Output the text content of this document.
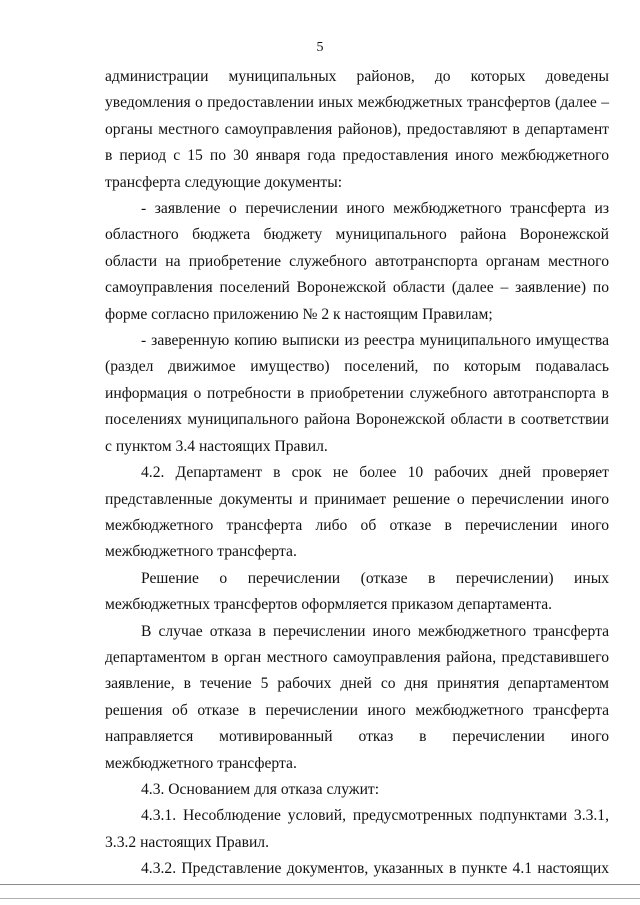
5

администрации муниципальных районов, до которых доведены уведомления о предоставлении иных межбюджетных трансфертов (далее – органы местного самоуправления районов), предоставляют в департамент в период с 15 по 30 января года предоставления иного межбюджетного трансферта следующие документы:

- заявление о перечислении иного межбюджетного трансферта из областного бюджета бюджету муниципального района Воронежской области на приобретение служебного автотранспорта органам местного самоуправления поселений Воронежской области (далее – заявление) по форме согласно приложению № 2 к настоящим Правилам;

- заверенную копию выписки из реестра муниципального имущества (раздел движимое имущество) поселений, по которым подавалась информация о потребности в приобретении служебного автотранспорта в поселениях муниципального района Воронежской области в соответствии с пунктом 3.4 настоящих Правил.

4.2. Департамент в срок не более 10 рабочих дней проверяет представленные документы и принимает решение о перечислении иного межбюджетного трансферта либо об отказе в перечислении иного межбюджетного трансферта.

Решение о перечислении (отказе в перечислении) иных межбюджетных трансфертов оформляется приказом департамента.

В случае отказа в перечислении иного межбюджетного трансферта департаментом в орган местного самоуправления района, представившего заявление, в течение 5 рабочих дней со дня принятия департаментом решения об отказе в перечислении иного межбюджетного трансферта направляется мотивированный отказ в перечислении иного межбюджетного трансферта.

4.3. Основанием для отказа служит:

4.3.1. Несоблюдение условий, предусмотренных подпунктами 3.3.1, 3.3.2 настоящих Правил.

4.3.2. Представление документов, указанных в пункте 4.1 настоящих
